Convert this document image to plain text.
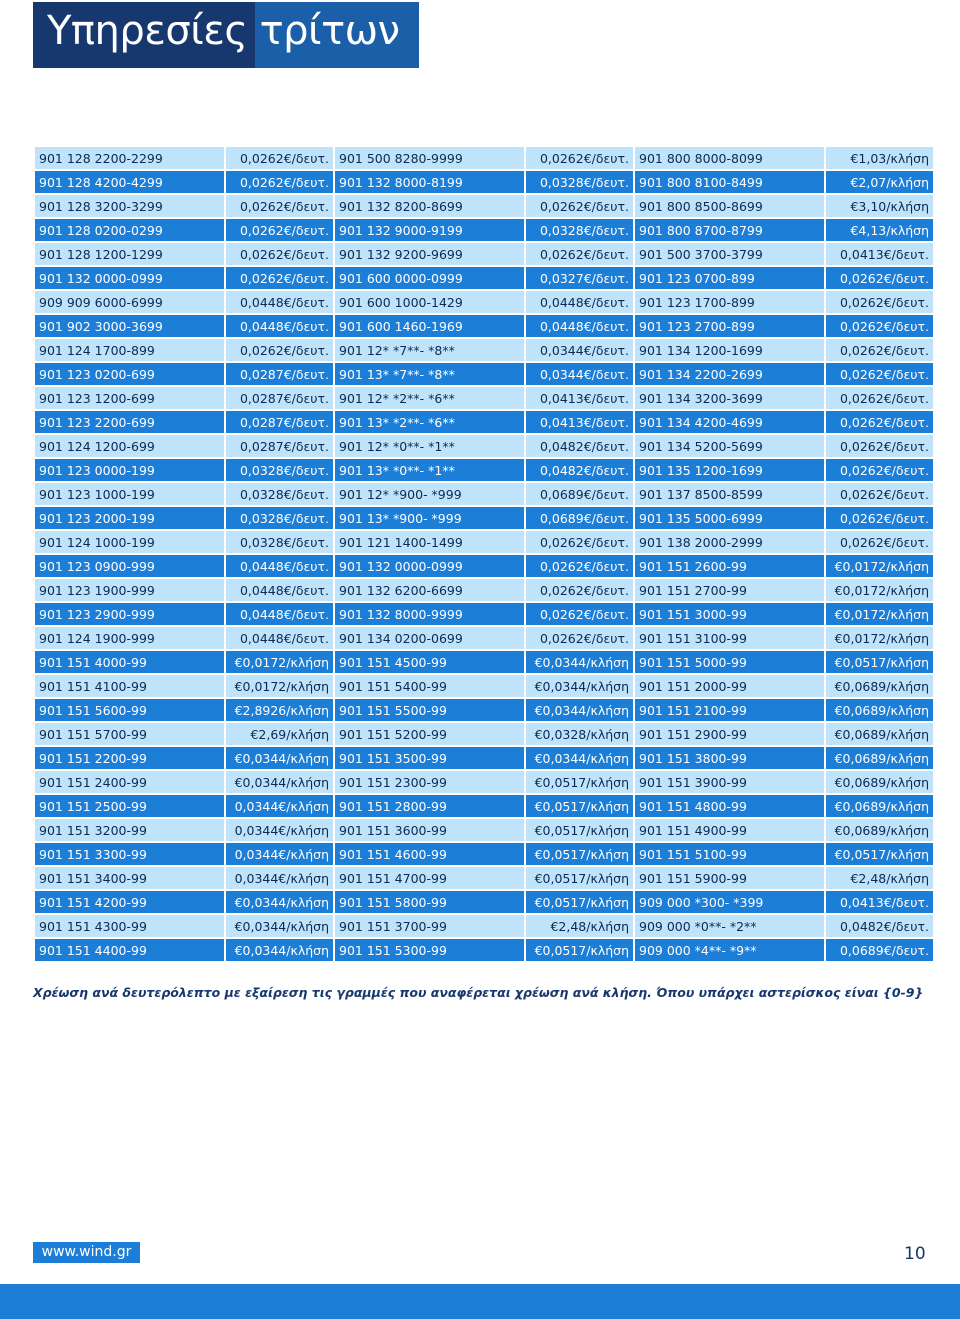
Υπηρεσίες τρίτων
901 128 2200-2299	0,0262€/δευτ.	901 500 8280-9999	0,0262€/δευτ.	901 800 8000-8099	€1,03/κλήση
901 128 4200-4299	0,0262€/δευτ.	901 132 8000-8199	0,0328€/δευτ.	901 800 8100-8499	€2,07/κλήση
901 128 3200-3299	0,0262€/δευτ.	901 132 8200-8699	0,0262€/δευτ.	901 800 8500-8699	€3,10/κλήση
901 128 0200-0299	0,0262€/δευτ.	901 132 9000-9199	0,0328€/δευτ.	901 800 8700-8799	€4,13/κλήση
901 128 1200-1299	0,0262€/δευτ.	901 132 9200-9699	0,0262€/δευτ.	901 500 3700-3799	0,0413€/δευτ.
901 132 0000-0999	0,0262€/δευτ.	901 600 0000-0999	0,0327€/δευτ.	901 123 0700-899	0,0262€/δευτ.
909 909 6000-6999	0,0448€/δευτ.	901 600 1000-1429	0,0448€/δευτ.	901 123 1700-899	0,0262€/δευτ.
901 902 3000-3699	0,0448€/δευτ.	901 600 1460-1969	0,0448€/δευτ.	901 123 2700-899	0,0262€/δευτ.
901 124 1700-899	0,0262€/δευτ.	901 12* *7**- *8**	0,0344€/δευτ.	901 134 1200-1699	0,0262€/δευτ.
901 123 0200-699	0,0287€/δευτ.	901 13* *7**- *8**	0,0344€/δευτ.	901 134 2200-2699	0,0262€/δευτ.
901 123 1200-699	0,0287€/δευτ.	901 12* *2**- *6**	0,0413€/δευτ.	901 134 3200-3699	0,0262€/δευτ.
901 123 2200-699	0,0287€/δευτ.	901 13* *2**- *6**	0,0413€/δευτ.	901 134 4200-4699	0,0262€/δευτ.
901 124 1200-699	0,0287€/δευτ.	901 12* *0**- *1**	0,0482€/δευτ.	901 134 5200-5699	0,0262€/δευτ.
901 123 0000-199	0,0328€/δευτ.	901 13* *0**- *1**	0,0482€/δευτ.	901 135 1200-1699	0,0262€/δευτ.
901 123 1000-199	0,0328€/δευτ.	901 12* *900- *999	0,0689€/δευτ.	901 137 8500-8599	0,0262€/δευτ.
901 123 2000-199	0,0328€/δευτ.	901 13* *900- *999	0,0689€/δευτ.	901 135 5000-6999	0,0262€/δευτ.
901 124 1000-199	0,0328€/δευτ.	901 121 1400-1499	0,0262€/δευτ.	901 138 2000-2999	0,0262€/δευτ.
901 123 0900-999	0,0448€/δευτ.	901 132 0000-0999	0,0262€/δευτ.	901 151 2600-99	€0,0172/κλήση
901 123 1900-999	0,0448€/δευτ.	901 132 6200-6699	0,0262€/δευτ.	901 151 2700-99	€0,0172/κλήση
901 123 2900-999	0,0448€/δευτ.	901 132 8000-9999	0,0262€/δευτ.	901 151 3000-99	€0,0172/κλήση
901 124 1900-999	0,0448€/δευτ.	901 134 0200-0699	0,0262€/δευτ.	901 151 3100-99	€0,0172/κλήση
901 151 4000-99	€0,0172/κλήση	901 151 4500-99	€0,0344/κλήση	901 151 5000-99	€0,0517/κλήση
901 151 4100-99	€0,0172/κλήση	901 151 5400-99	€0,0344/κλήση	901 151 2000-99	€0,0689/κλήση
901 151 5600-99	€2,8926/κλήση	901 151 5500-99	€0,0344/κλήση	901 151 2100-99	€0,0689/κλήση
901 151 5700-99	€2,69/κλήση	901 151 5200-99	€0,0328/κλήση	901 151 2900-99	€0,0689/κλήση
901 151 2200-99	€0,0344/κλήση	901 151 3500-99	€0,0344/κλήση	901 151 3800-99	€0,0689/κλήση
901 151 2400-99	€0,0344/κλήση	901 151 2300-99	€0,0517/κλήση	901 151 3900-99	€0,0689/κλήση
901 151 2500-99	0,0344€/κλήση	901 151 2800-99	€0,0517/κλήση	901 151 4800-99	€0,0689/κλήση
901 151 3200-99	0,0344€/κλήση	901 151 3600-99	€0,0517/κλήση	901 151 4900-99	€0,0689/κλήση
901 151 3300-99	0,0344€/κλήση	901 151 4600-99	€0,0517/κλήση	901 151 5100-99	€0,0517/κλήση
901 151 3400-99	0,0344€/κλήση	901 151 4700-99	€0,0517/κλήση	901 151 5900-99	€2,48/κλήση
901 151 4200-99	€0,0344/κλήση	901 151 5800-99	€0,0517/κλήση	909 000 *300- *399	0,0413€/δευτ.
901 151 4300-99	€0,0344/κλήση	901 151 3700-99	€2,48/κλήση	909 000 *0**- *2**	0,0482€/δευτ.
901 151 4400-99	€0,0344/κλήση	901 151 5300-99	€0,0517/κλήση	909 000 *4**- *9**	0,0689€/δευτ.
Χρέωση ανά δευτερόλεπτο με εξαίρεση τις γραμμές που αναφέρεται χρέωση ανά κλήση. Όπου υπάρχει αστερίσκος είναι {0-9}
www.wind.gr	10
